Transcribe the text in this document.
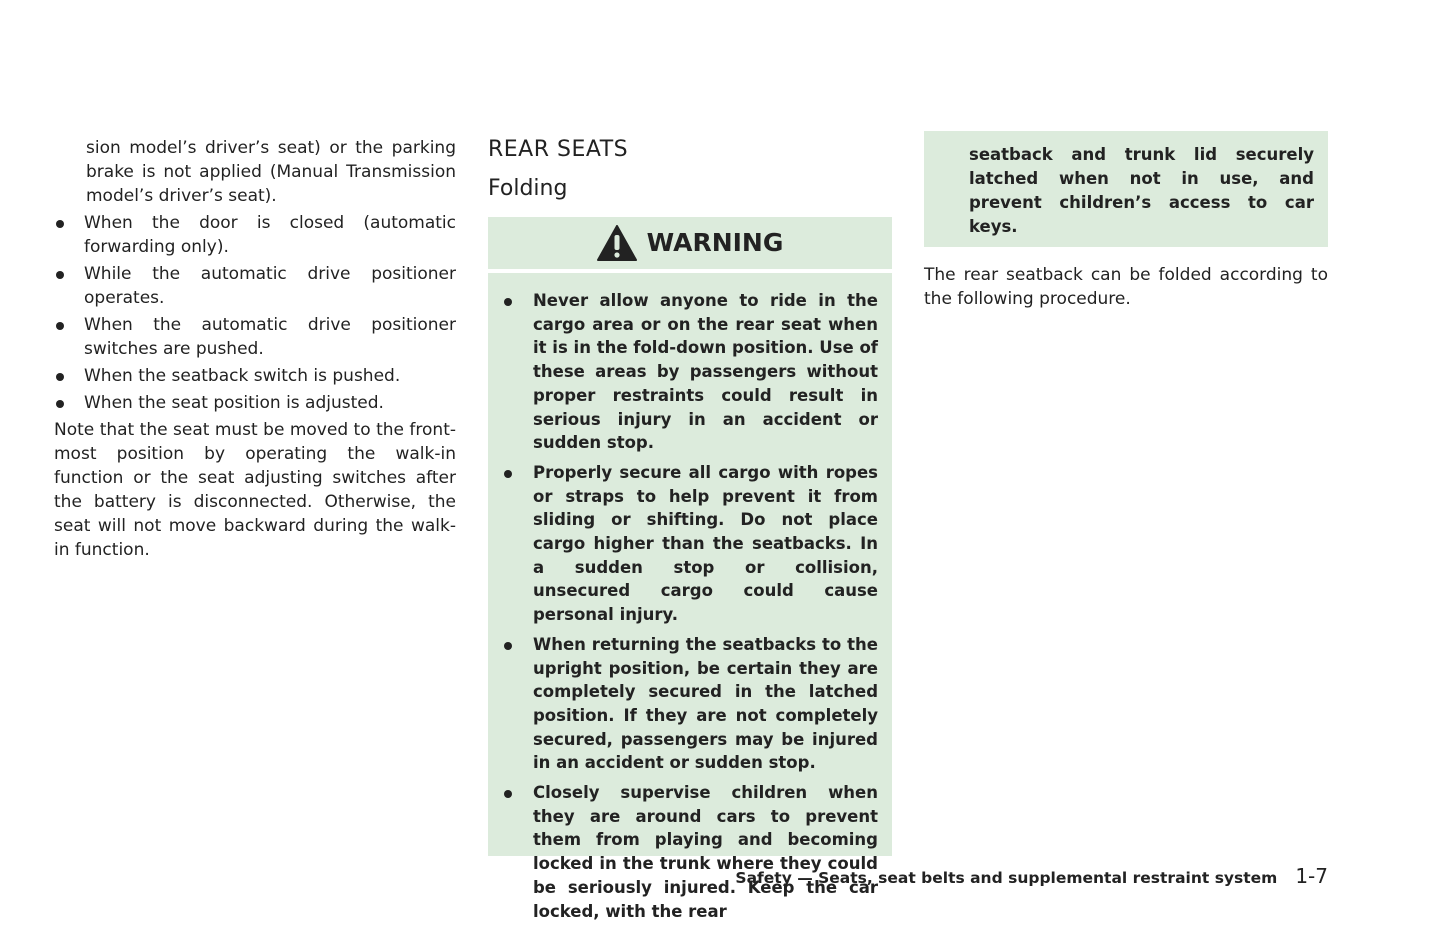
sion model’s driver’s seat) or the parking brake is not applied (Manual Transmission model’s driver’s seat).

When the door is closed (automatic forwarding only).
While the automatic drive positioner operates.
When the automatic drive positioner switches are pushed.
When the seatback switch is pushed.
When the seat position is adjusted.

Note that the seat must be moved to the front-most position by operating the walk-in function or the seat adjusting switches after the battery is disconnected. Otherwise, the seat will not move backward during the walk-in function.

REAR SEATS
Folding
WARNING
Never allow anyone to ride in the cargo area or on the rear seat when it is in the fold-down position. Use of these areas by passengers without proper restraints could result in serious injury in an accident or sudden stop.
Properly secure all cargo with ropes or straps to help prevent it from sliding or shifting. Do not place cargo higher than the seatbacks. In a sudden stop or collision, unsecured cargo could cause personal injury.
When returning the seatbacks to the upright position, be certain they are completely secured in the latched position. If they are not completely secured, passengers may be injured in an accident or sudden stop.
Closely supervise children when they are around cars to prevent them from playing and becoming locked in the trunk where they could be seriously injured. Keep the car locked, with the rear
seatback and trunk lid securely latched when not in use, and prevent children’s access to car keys.

The rear seatback can be folded according to the following procedure.

Safety — Seats, seat belts and supplemental restraint system 1-7
